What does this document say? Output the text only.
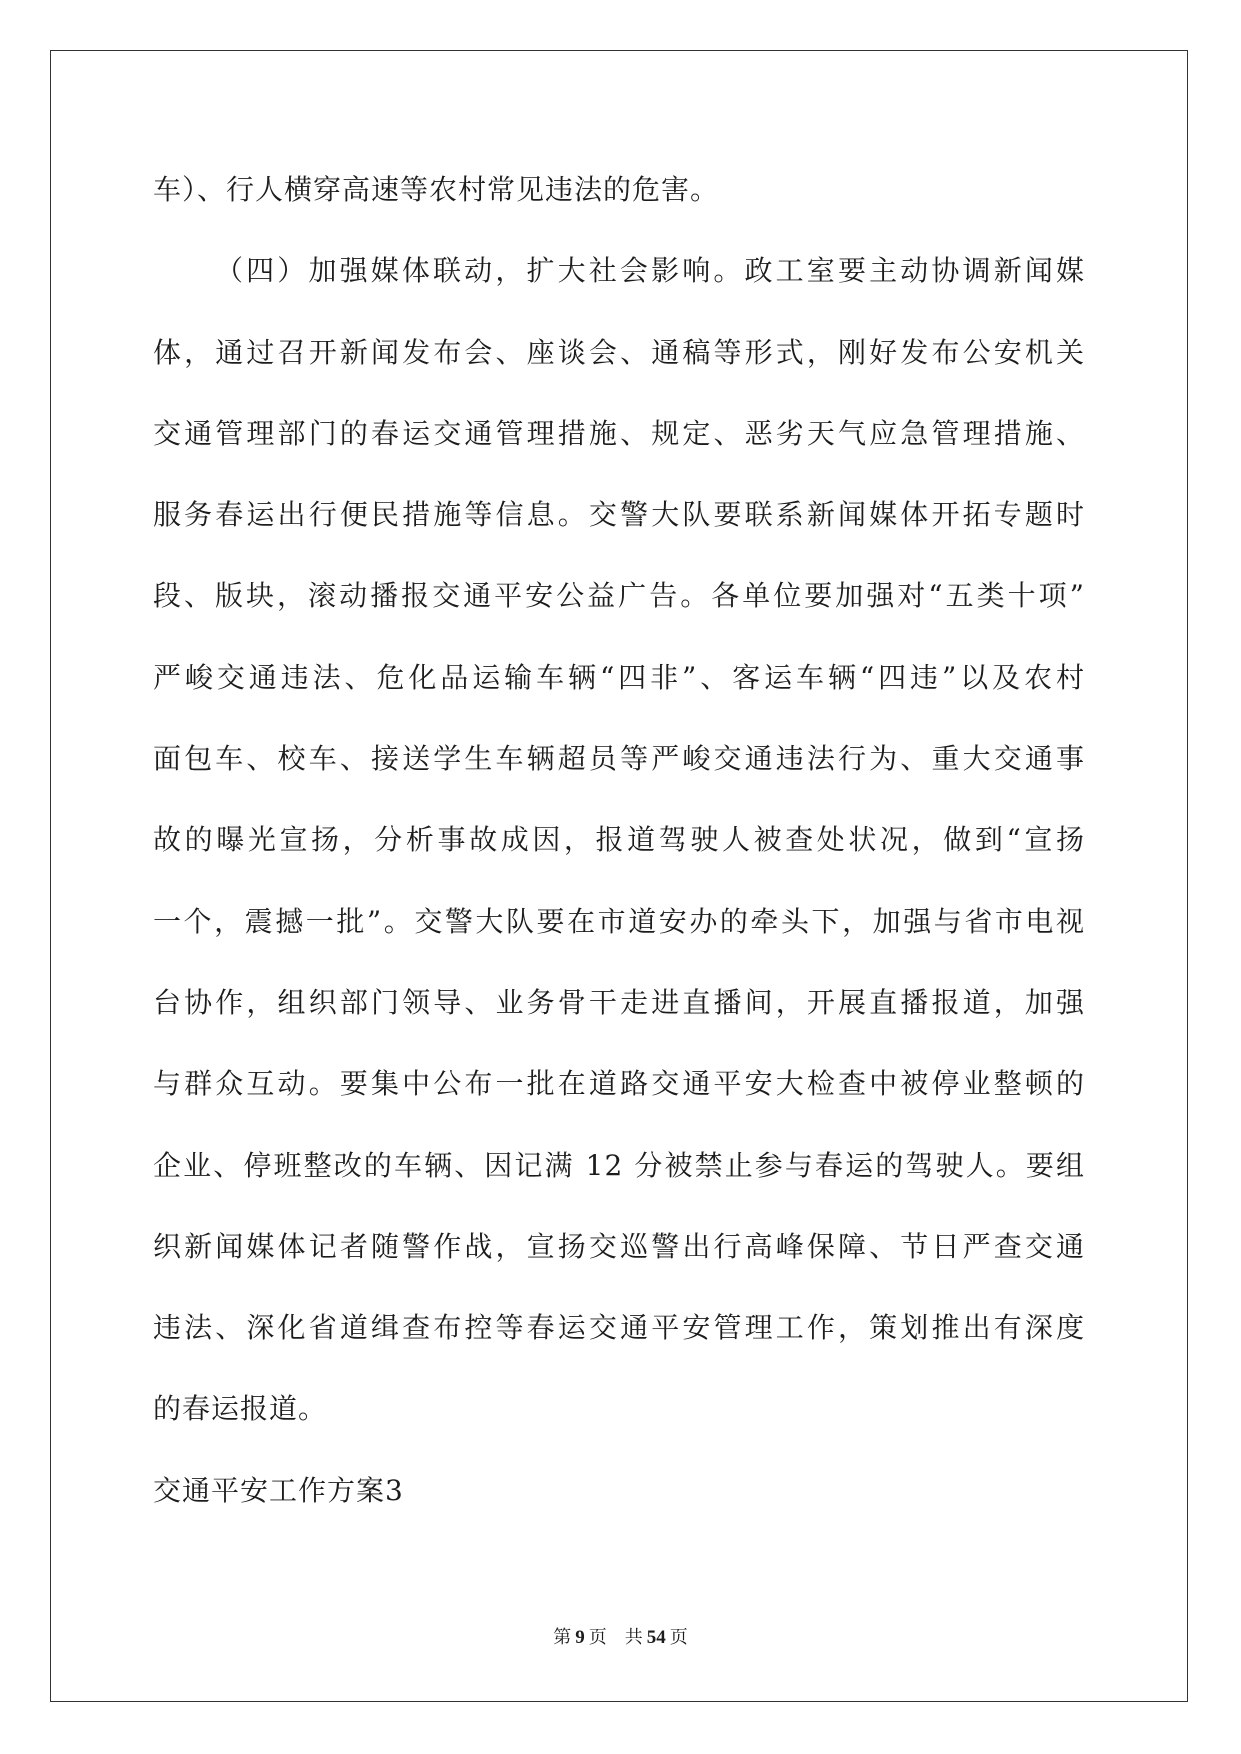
车）、行人横穿高速等农村常见违法的危害。
（四）加强媒体联动，扩大社会影响。政工室要主动协调新闻媒
体，通过召开新闻发布会、座谈会、通稿等形式，刚好发布公安机关
交通管理部门的春运交通管理措施、规定、恶劣天气应急管理措施、
服务春运出行便民措施等信息。交警大队要联系新闻媒体开拓专题时
段、版块，滚动播报交通平安公益广告。各单位要加强对“五类十项”
严峻交通违法、危化品运输车辆“四非”、客运车辆“四违”以及农村
面包车、校车、接送学生车辆超员等严峻交通违法行为、重大交通事
故的曝光宣扬，分析事故成因，报道驾驶人被查处状况，做到“宣扬
一个，震撼一批”。交警大队要在市道安办的牵头下，加强与省市电视
台协作，组织部门领导、业务骨干走进直播间，开展直播报道，加强
与群众互动。要集中公布一批在道路交通平安大检查中被停业整顿的
企业、停班整改的车辆、因记满 12 分被禁止参与春运的驾驶人。要组
织新闻媒体记者随警作战，宣扬交巡警出行高峰保障、节日严查交通
违法、深化省道缉查布控等春运交通平安管理工作，策划推出有深度
的春运报道。
交通平安工作方案3
第 9 页 共 54 页
